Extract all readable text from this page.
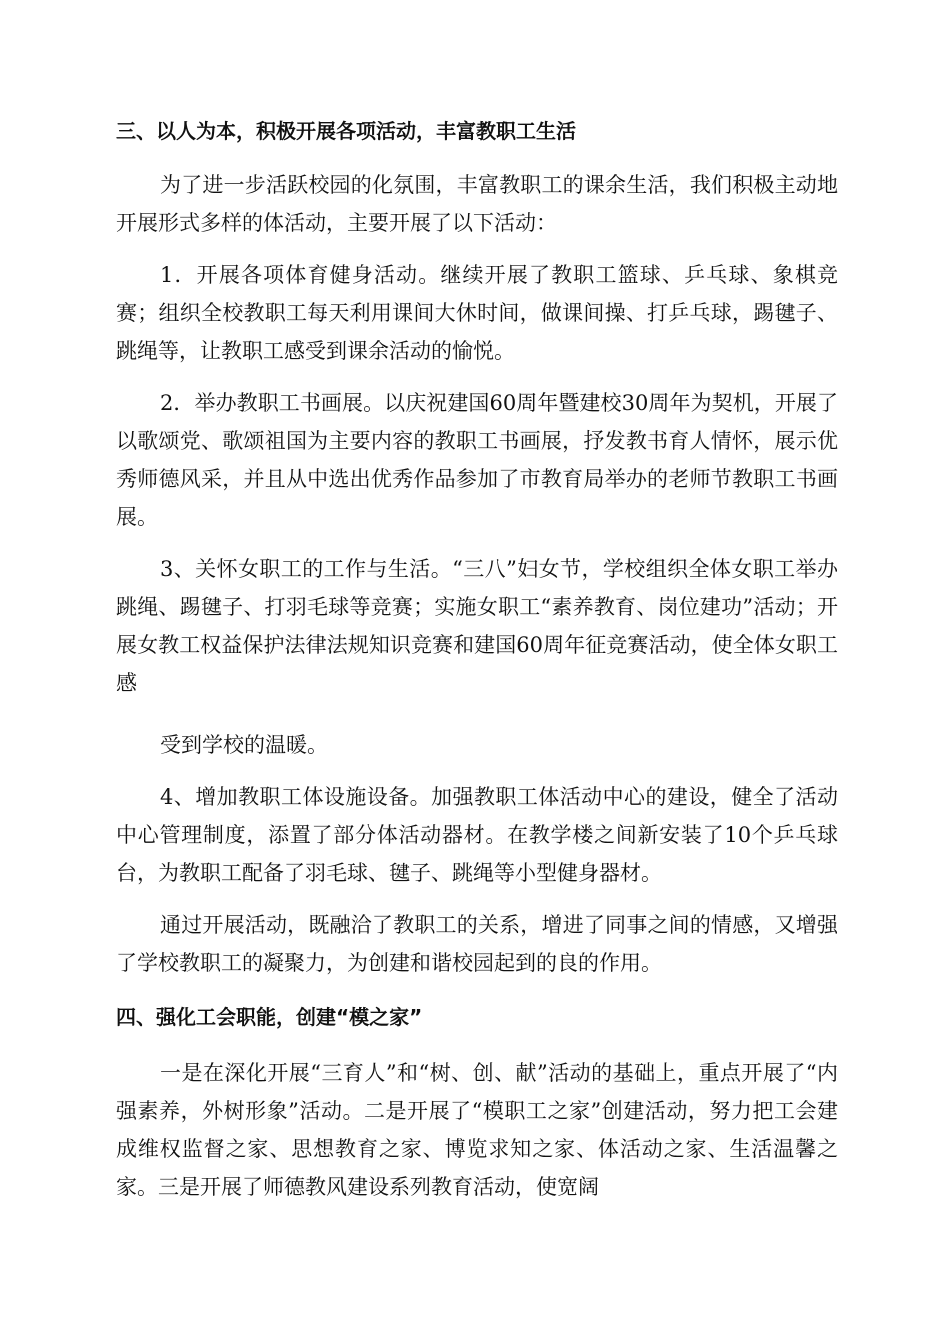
三、以人为本，积极开展各项活动，丰富教职工生活

为了进一步活跃校园的化氛围，丰富教职工的课余生活，我们积极主动地开展形式多样的体活动，主要开展了以下活动：

1．开展各项体育健身活动。继续开展了教职工篮球、乒乓球、象棋竞赛；组织全校教职工每天利用课间大休时间，做课间操、打乒乓球，踢毽子、跳绳等，让教职工感受到课余活动的愉悦。

2．举办教职工书画展。以庆祝建国60周年暨建校30周年为契机，开展了以歌颂党、歌颂祖国为主要内容的教职工书画展，抒发教书育人情怀，展示优秀师德风采，并且从中选出优秀作品参加了市教育局举办的老师节教职工书画展。

3、关怀女职工的工作与生活。“三八”妇女节，学校组织全体女职工举办跳绳、踢毽子、打羽毛球等竞赛；实施女职工“素养教育、岗位建功”活动；开展女教工权益保护法律法规知识竞赛和建国60周年征竞赛活动，使全体女职工感

受到学校的温暖。

4、增加教职工体设施设备。加强教职工体活动中心的建设，健全了活动中心管理制度，添置了部分体活动器材。在教学楼之间新安装了10个乒乓球台，为教职工配备了羽毛球、毽子、跳绳等小型健身器材。

通过开展活动，既融洽了教职工的关系，增进了同事之间的情感，又增强了学校教职工的凝聚力，为创建和谐校园起到的良的作用。

四、强化工会职能，创建“模之家”

一是在深化开展“三育人”和“树、创、献”活动的基础上，重点开展了“内强素养，外树形象”活动。二是开展了“模职工之家”创建活动，努力把工会建成维权监督之家、思想教育之家、博览求知之家、体活动之家、生活温馨之家。三是开展了师德教风建设系列教育活动，使宽阔
